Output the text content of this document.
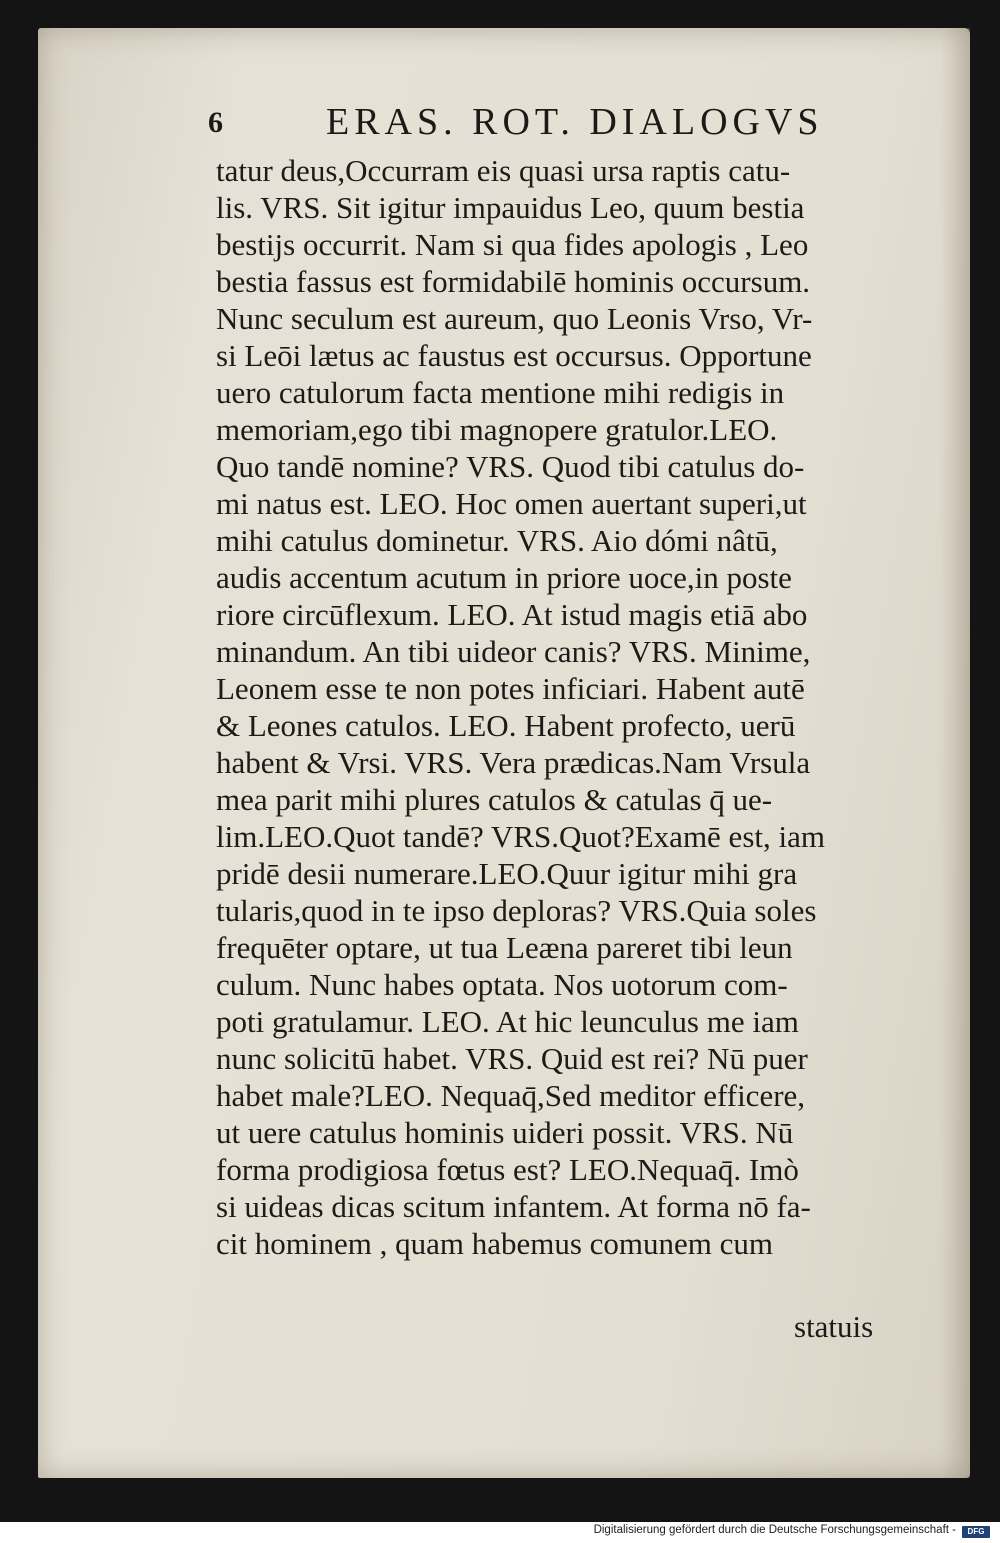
6	ERAS. ROT. DIALOGVS
tatur deus,Occurram eis quasi ursa raptis catu-
lis. VRS. Sit igitur impauidus Leo, quum bestia
bestijs occurrit. Nam si qua fides apologis , Leo
bestia fassus est formidabilē hominis occursum.
Nunc seculum est aureum, quo Leonis Vrso, Vr-
si Leōi lætus ac faustus est occursus. Opportune
uero catulorum facta mentione mihi redigis in
memoriam,ego tibi magnopere gratulor.LEO.
Quo tandē nomine? VRS. Quod tibi catulus do-
mi natus est. LEO. Hoc omen auertant superi,ut
mihi catulus dominetur. VRS. Aio dómi nâtū,
audis accentum acutum in priore uoce,in poste
riore circūflexum. LEO. At istud magis etiā abo
minandum. An tibi uideor canis? VRS. Minime,
Leonem esse te non potes inficiari. Habent autē
& Leones catulos. LEO. Habent profecto, uerū
habent & Vrsi. VRS. Vera prædicas.Nam Vrsula
mea parit mihi plures catulos & catulas q̄ ue-
lim.LEO.Quot tandē? VRS.Quot?Examē est, iam
pridē desii numerare.LEO.Quur igitur mihi gra
tularis,quod in te ipso deploras? VRS.Quia soles
frequēter optare, ut tua Leæna pareret tibi leun
culum. Nunc habes optata. Nos uotorum com-
poti gratulamur. LEO. At hic leunculus me iam
nunc solicitū habet. VRS. Quid est rei? Nū puer
habet male?LEO. Nequaq̄,Sed meditor efficere,
ut uere catulus hominis uideri possit. VRS. Nū
forma prodigiosa fœtus est? LEO.Nequaq̄. Imò
si uideas dicas scitum infantem. At forma nō fa-
cit hominem , quam habemus comunem cum
statuis
Digitalisierung gefördert durch die Deutsche Forschungsgemeinschaft -	DFG
